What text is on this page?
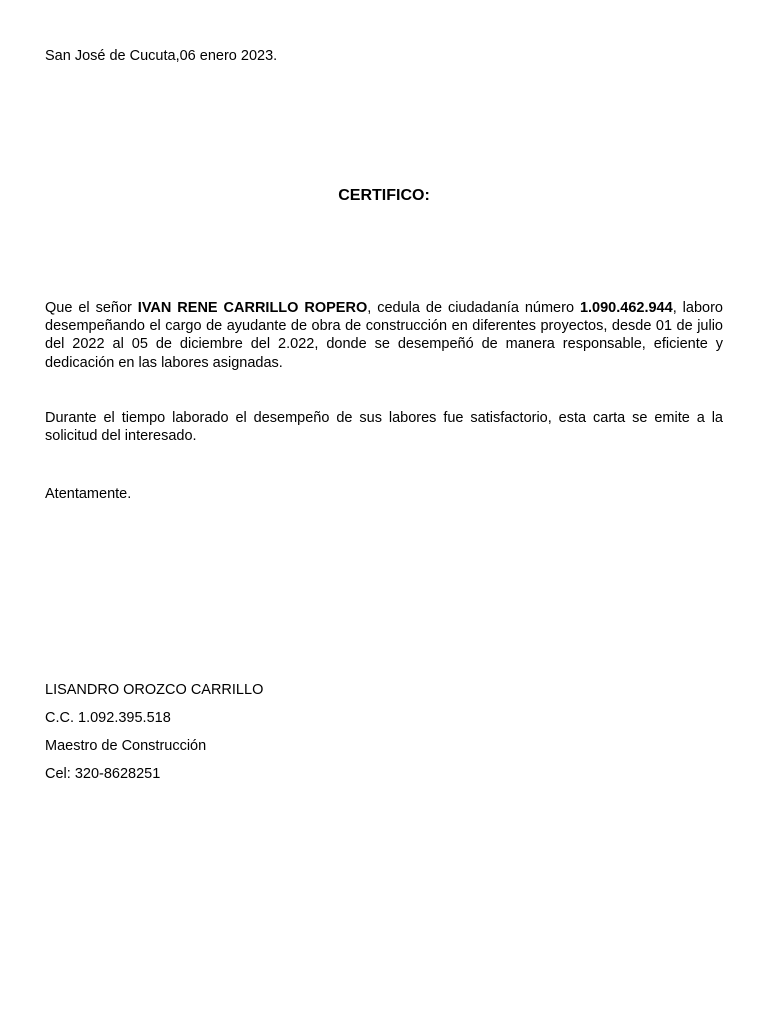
San José de Cucuta,06 enero 2023.
CERTIFICO:
Que el señor IVAN RENE CARRILLO ROPERO, cedula de ciudadanía número 1.090.462.944, laboro desempeñando el cargo de ayudante de obra de construcción en diferentes proyectos, desde 01 de julio del 2022 al 05 de diciembre del 2.022, donde se desempeñó de manera responsable, eficiente y dedicación en las labores asignadas.
Durante el tiempo laborado el desempeño de sus labores fue satisfactorio, esta carta se emite a la solicitud del interesado.
Atentamente.
LISANDRO OROZCO CARRILLO
C.C. 1.092.395.518
Maestro de Construcción
Cel: 320-8628251
